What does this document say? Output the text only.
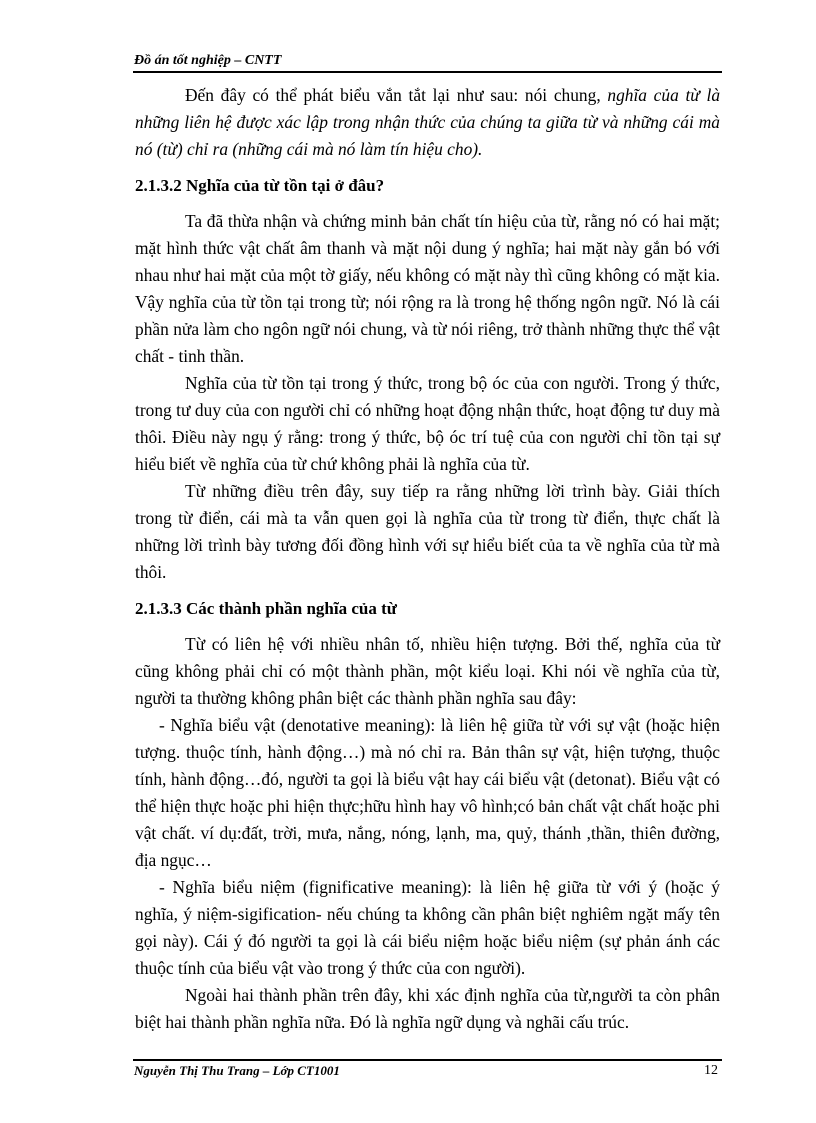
Đồ án tốt nghiệp – CNTT

Đến đây có thể phát biểu vắn tắt lại như sau: nói chung, nghĩa của từ là những liên hệ được xác lập trong nhận thức của chúng ta giữa từ và những cái mà nó (từ) chỉ ra (những cái mà nó làm tín hiệu cho).

2.1.3.2 Nghĩa của từ tồn tại ở đâu?

Ta đã thừa nhận và chứng minh bản chất tín hiệu của từ, rằng nó có hai mặt; mặt hình thức vật chất âm thanh và mặt nội dung ý nghĩa; hai mặt này gắn bó với nhau như hai mặt của một tờ giấy, nếu không có mặt này thì cũng không có mặt kia. Vậy nghĩa của từ tồn tại trong từ; nói rộng ra là trong hệ thống ngôn ngữ. Nó là cái phần nửa làm cho ngôn ngữ nói chung, và từ nói riêng, trở thành những thực thể vật chất - tinh thần.

Nghĩa của từ tồn tại trong ý thức, trong bộ óc của con người. Trong ý thức, trong tư duy của con người chỉ có những hoạt động nhận thức, hoạt động tư duy mà thôi. Điều này ngụ ý rằng: trong ý thức, bộ óc trí tuệ của con người chỉ tồn tại sự hiểu biết về nghĩa của từ chứ không phải là nghĩa của từ.

Từ những điều trên đây, suy tiếp ra rằng những lời trình bày. Giải thích trong từ điển, cái mà ta vẫn quen gọi là nghĩa của từ trong từ điển, thực chất là những lời trình bày tương đối đồng hình với sự hiểu biết của ta về nghĩa của từ mà thôi.

2.1.3.3 Các thành phần nghĩa của từ

Từ có liên hệ với nhiều nhân tố, nhiều hiện tượng. Bởi thế, nghĩa của từ cũng không phải chỉ có một thành phần, một kiểu loại. Khi nói về nghĩa của từ, người ta thường không phân biệt các thành phần nghĩa sau đây:

- Nghĩa biểu vật (denotative meaning): là liên hệ giữa từ với sự vật (hoặc hiện tượng. thuộc tính, hành động…) mà nó chỉ ra. Bản thân sự vật, hiện tượng, thuộc tính, hành động…đó, người ta gọi là biểu vật hay cái biểu vật (detonat). Biểu vật có thể hiện thực hoặc phi hiện thực;hữu hình hay vô hình;có bản chất vật chất hoặc phi vật chất. ví dụ:đất, trời, mưa, nắng, nóng, lạnh, ma, quỷ, thánh ,thần, thiên đường, địa ngục…

- Nghĩa biểu niệm (fignificative meaning): là liên hệ giữa từ với ý (hoặc ý nghĩa, ý niệm-sigification- nếu chúng ta không cần phân biệt nghiêm ngặt mấy tên gọi này). Cái ý đó người ta gọi là cái biểu niệm hoặc biểu niệm (sự phản ánh các thuộc tính của biểu vật vào trong ý thức của con người).

Ngoài hai thành phần trên đây, khi xác định nghĩa của từ,người ta còn phân biệt hai thành phần nghĩa nữa. Đó là nghĩa ngữ dụng và nghãi cấu trúc.

Nguyễn Thị Thu Trang – Lớp CT1001	12
